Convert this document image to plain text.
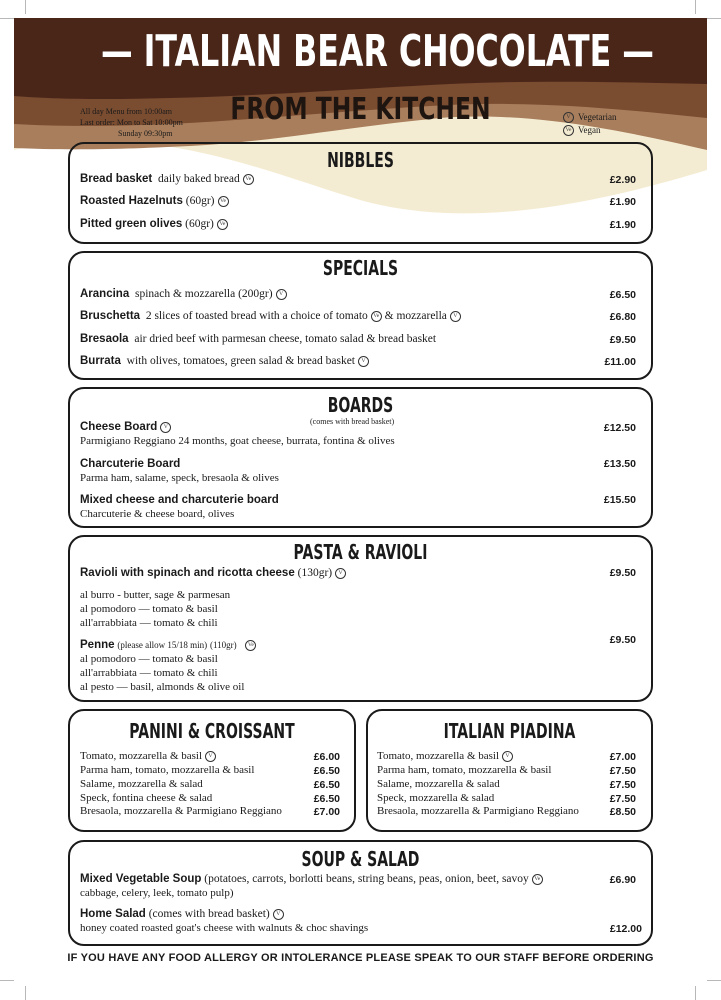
— ITALIAN BEAR CHOCOLATE —
FROM THE KITCHEN
All day Menu from 10:00am
Last order: Mon to Sat 10:00pm
Sunday 09:30pm
V Vegetarian
Ve Vegan
NIBBLES
Bread basket daily baked bread Ve	£2.90
Roasted Hazelnuts (60gr) Ve	£1.90
Pitted green olives (60gr) Ve	£1.90
SPECIALS
Arancina spinach & mozzarella (200gr) V	£6.50
Bruschetta 2 slices of toasted bread with a choice of tomato Ve & mozzarella V	£6.80
Bresaola air dried beef with parmesan cheese, tomato salad & bread basket	£9.50
Burrata with olives, tomatoes, green salad & bread basket V	£11.00
BOARDS
(comes with bread basket)
Cheese Board V
Parmigiano Reggiano 24 months, goat cheese, burrata, fontina & olives
£12.50
Charcuterie Board
Parma ham, salame, speck, bresaola & olives
£13.50
Mixed cheese and charcuterie board
Charcuterie & cheese board, olives
£15.50
PASTA & RAVIOLI
Ravioli with spinach and ricotta cheese (130gr) V	£9.50
al burro - butter, sage & parmesan
al pomodoro — tomato & basil
all'arrabbiata — tomato & chili
Penne (please allow 15/18 min) (110gr) Ve	£9.50
al pomodoro — tomato & basil
all'arrabbiata — tomato & chili
al pesto — basil, almonds & olive oil
PANINI & CROISSANT
Tomato, mozzarella & basil V	£6.00
Parma ham, tomato, mozzarella & basil	£6.50
Salame, mozzarella & salad	£6.50
Speck, fontina cheese & salad	£6.50
Bresaola, mozzarella & Parmigiano Reggiano	£7.00
ITALIAN PIADINA
Tomato, mozzarella & basil V	£7.00
Parma ham, tomato, mozzarella & basil	£7.50
Salame, mozzarella & salad	£7.50
Speck, mozzarella & salad	£7.50
Bresaola, mozzarella & Parmigiano Reggiano	£8.50
SOUP & SALAD
Mixed Vegetable Soup (potatoes, carrots, borlotti beans, string beans, peas, onion, beet, savoy Ve
cabbage, celery, leek, tomato pulp)
£6.90
Home Salad (comes with bread basket) V
honey coated roasted goat's cheese with walnuts & choc shavings	£12.00
IF YOU HAVE ANY FOOD ALLERGY OR INTOLERANCE PLEASE SPEAK TO OUR STAFF BEFORE ORDERING
